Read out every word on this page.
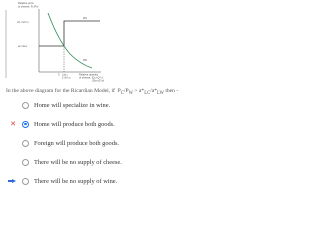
Relative price
of cheese, PC/PW
a*LC/a*LW
aLC/aLW
RS
RD
0 L/aLC
L*/a*LW
Relative quantity
of cheese, (QC+Q*C)
(QW+Q*W)
In the above diagram for the Ricardian Model, if  $P_C/P_W > a*_{LC}/a*_{LW}$ then -
Home will specialize in wine.
✕	Home will produce both goods.
Foreign will produce both goods.
There will be no supply of cheese.
There will be no supply of wine.
